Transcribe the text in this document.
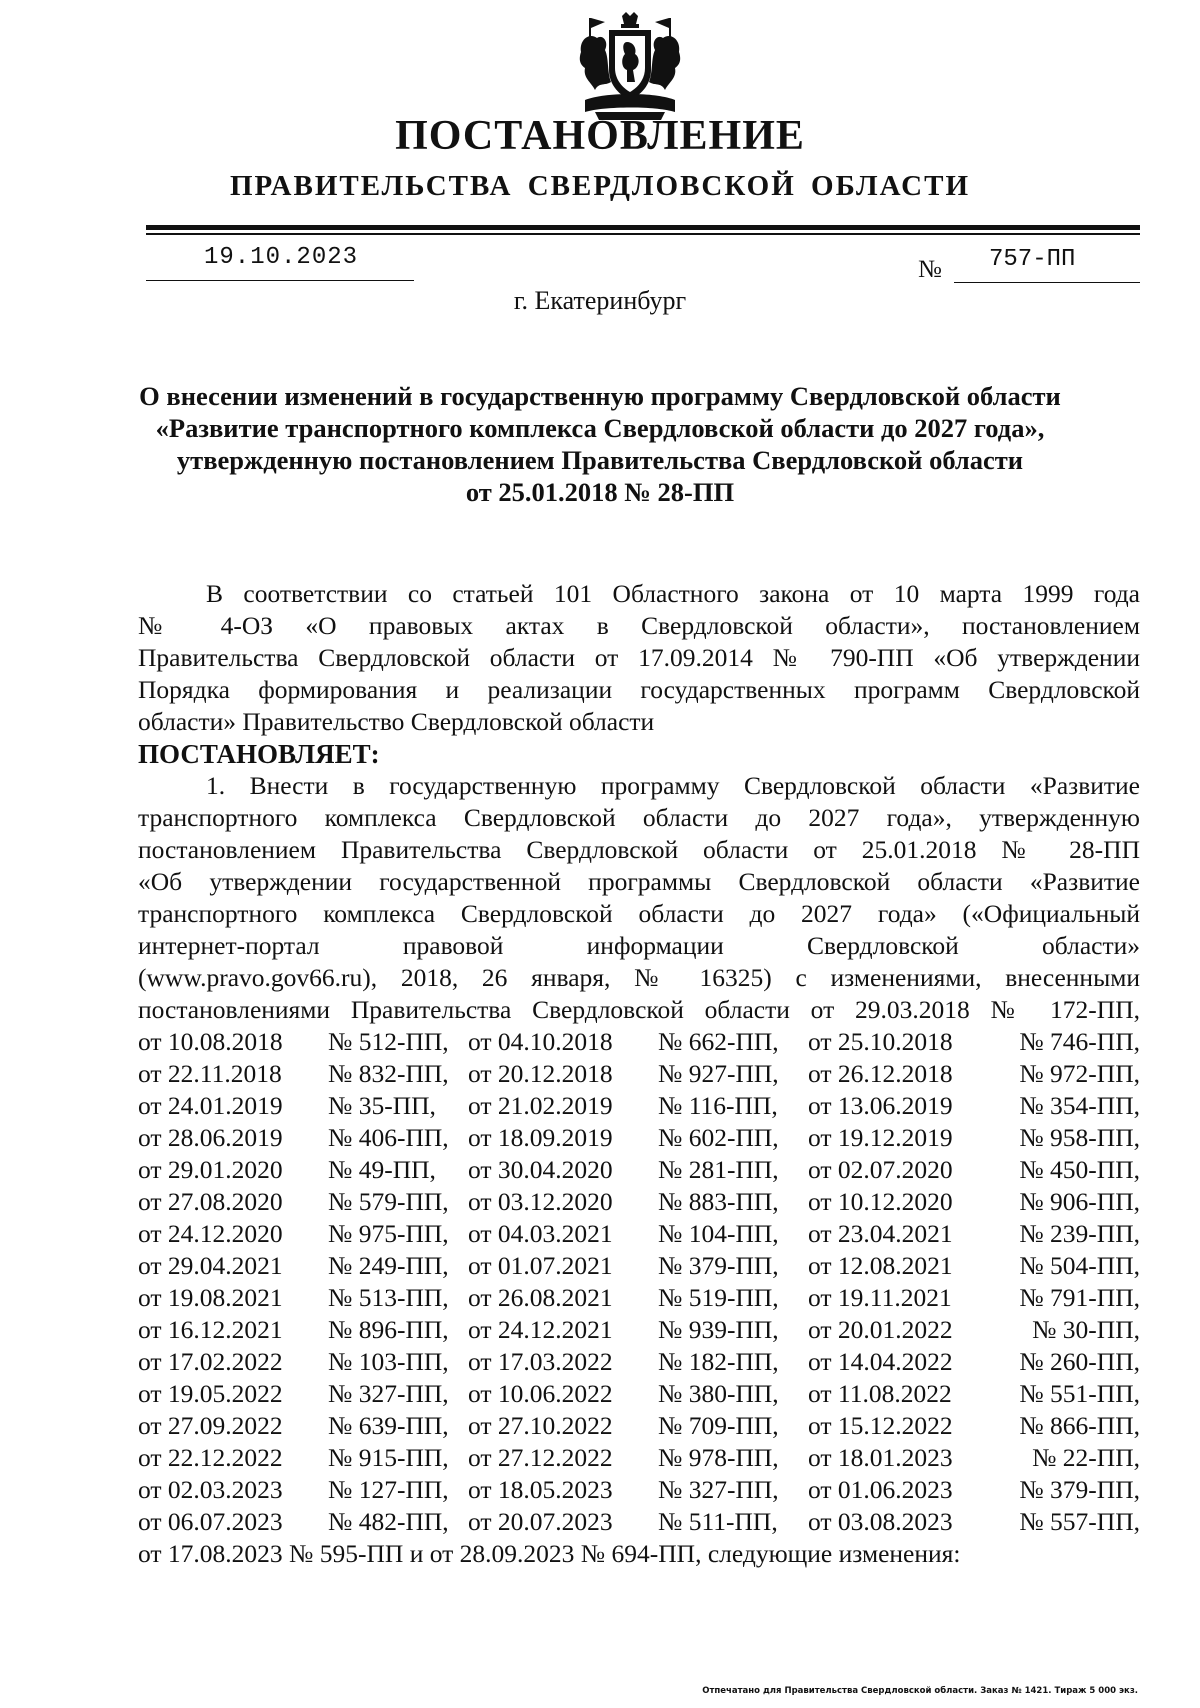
ПОСТАНОВЛЕНИЕ
ПРАВИТЕЛЬСТВА СВЕРДЛОВСКОЙ ОБЛАСТИ
19.10.2023	№ 757-ПП
г. Екатеринбург
О внесении изменений в государственную программу Свердловской области
«Развитие транспортного комплекса Свердловской области до 2027 года»,
утвержденную постановлением Правительства Свердловской области
от 25.01.2018 № 28-ПП
В соответствии со статьей 101 Областного закона от 10 марта 1999 года
№ 4-ОЗ «О правовых актах в Свердловской области», постановлением
Правительства Свердловской области от 17.09.2014 № 790-ПП «Об утверждении
Порядка формирования и реализации государственных программ Свердловской
области» Правительство Свердловской области
ПОСТАНОВЛЯЕТ:
1. Внести в государственную программу Свердловской области «Развитие
транспортного комплекса Свердловской области до 2027 года», утвержденную
постановлением Правительства Свердловской области от 25.01.2018 № 28-ПП
«Об утверждении государственной программы Свердловской области «Развитие
транспортного комплекса Свердловской области до 2027 года» («Официальный
интернет-портал правовой информации Свердловской области»
(www.pravo.gov66.ru), 2018, 26 января, № 16325) с изменениями, внесенными
постановлениями Правительства Свердловской области от 29.03.2018 № 172-ПП,
от 10.08.2018	№ 512-ПП, от 04.10.2018	№ 662-ПП,	от 25.10.2018	№ 746-ПП,
от 22.11.2018	№ 832-ПП, от 20.12.2018	№ 927-ПП,	от 26.12.2018	№ 972-ПП,
от 24.01.2019	№ 35-ПП,	от 21.02.2019	№ 116-ПП,	от 13.06.2019	№ 354-ПП,
от 28.06.2019	№ 406-ПП, от 18.09.2019	№ 602-ПП,	от 19.12.2019	№ 958-ПП,
от 29.01.2020	№ 49-ПП,	от 30.04.2020	№ 281-ПП,	от 02.07.2020	№ 450-ПП,
от 27.08.2020	№ 579-ПП, от 03.12.2020	№ 883-ПП,	от 10.12.2020	№ 906-ПП,
от 24.12.2020	№ 975-ПП, от 04.03.2021	№ 104-ПП,	от 23.04.2021	№ 239-ПП,
от 29.04.2021	№ 249-ПП, от 01.07.2021	№ 379-ПП,	от 12.08.2021	№ 504-ПП,
от 19.08.2021	№ 513-ПП, от 26.08.2021	№ 519-ПП,	от 19.11.2021	№ 791-ПП,
от 16.12.2021	№ 896-ПП, от 24.12.2021	№ 939-ПП,	от 20.01.2022	№ 30-ПП,
от 17.02.2022	№ 103-ПП, от 17.03.2022	№ 182-ПП,	от 14.04.2022	№ 260-ПП,
от 19.05.2022	№ 327-ПП, от 10.06.2022	№ 380-ПП,	от 11.08.2022	№ 551-ПП,
от 27.09.2022	№ 639-ПП, от 27.10.2022	№ 709-ПП,	от 15.12.2022	№ 866-ПП,
от 22.12.2022	№ 915-ПП, от 27.12.2022	№ 978-ПП,	от 18.01.2023	№ 22-ПП,
от 02.03.2023	№ 127-ПП, от 18.05.2023	№ 327-ПП,	от 01.06.2023	№ 379-ПП,
от 06.07.2023	№ 482-ПП, от 20.07.2023	№ 511-ПП,	от 03.08.2023	№ 557-ПП,
от 17.08.2023 № 595-ПП и от 28.09.2023 № 694-ПП, следующие изменения:
Отпечатано для Правительства Свердловской области. Заказ № 1421. Тираж 5 000 экз.
